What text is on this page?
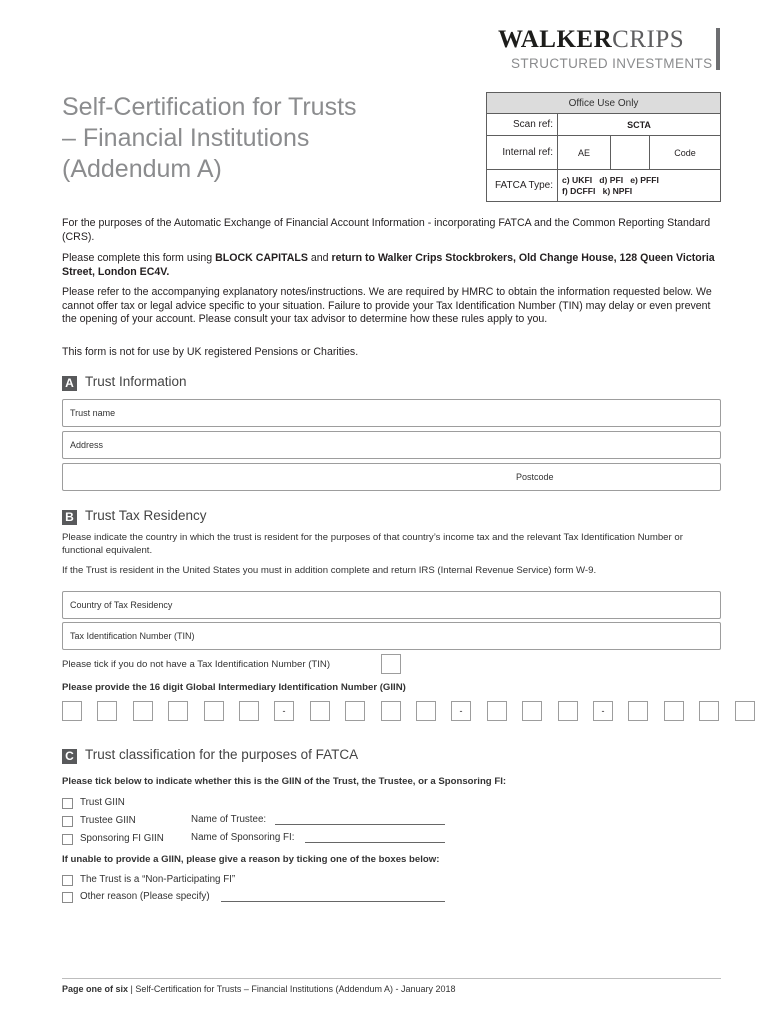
WALKERCRIPS
STRUCTURED INVESTMENTS
Self-Certification for Trusts
– Financial Institutions
(Addendum A)
Office Use Only			
Scan ref:	SCTA		
Internal ref:	AE		Code
FATCA Type:	c) UKFI   d) PFI   e) PFFI
f) DCFFI   k) NPFI		
For the purposes of the Automatic Exchange of Financial Account Information - incorporating FATCA and the Common Reporting Standard (CRS).
Please complete this form using BLOCK CAPITALS and return to Walker Crips Stockbrokers, Old Change House, 128 Queen Victoria Street, London EC4V.
Please refer to the accompanying explanatory notes/instructions. We are required by HMRC to obtain the information requested below. We cannot offer tax or legal advice specific to your situation. Failure to provide your Tax Identification Number (TIN) may delay or even prevent the opening of your account. Please consult your tax advisor to determine how these rules apply to you.
This form is not for use by UK registered Pensions or Charities.
A Trust Information
Trust name
Address
Postcode
B Trust Tax Residency
Please indicate the country in which the trust is resident for the purposes of that country’s income tax and the relevant Tax Identification Number or functional equivalent.
If the Trust is resident in the United States you must in addition complete and return IRS (Internal Revenue Service) form W-9.
Country of Tax Residency
Tax Identification Number (TIN)
Please tick if you do not have a Tax Identification Number (TIN)
Please provide the 16 digit Global Intermediary Identification Number (GIIN)
-	-	-
C Trust classification for the purposes of FATCA
Please tick below to indicate whether this is the GIIN of the Trust, the Trustee, or a Sponsoring FI:
Trust GIIN
Trustee GIIN	Name of Trustee:
Sponsoring FI GIIN	Name of Sponsoring FI:
If unable to provide a GIIN, please give a reason by ticking one of the boxes below:
The Trust is a “Non-Participating FI”
Other reason (Please specify)
Page one of six | Self-Certification for Trusts – Financial Institutions (Addendum A) - January 2018
